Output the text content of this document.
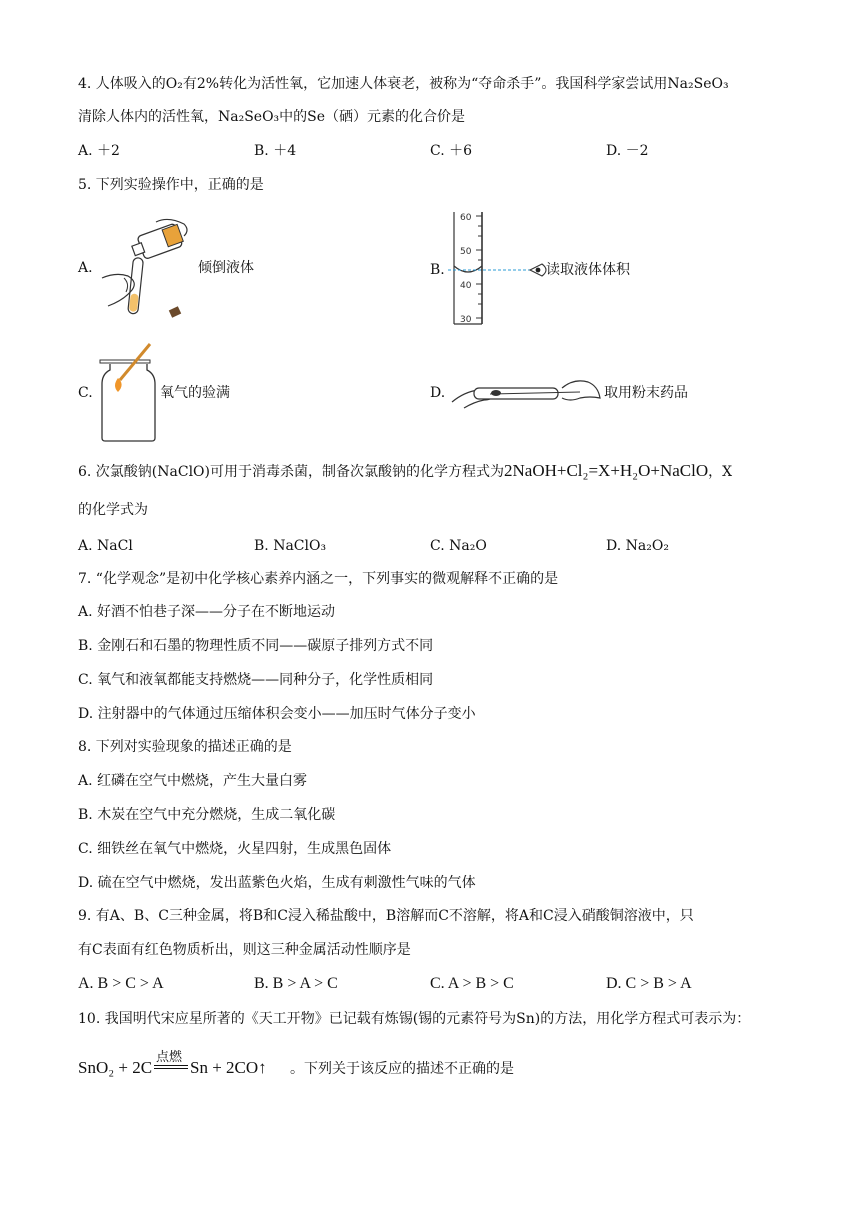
4. 人体吸入的O₂有2%转化为活性氧，它加速人体衰老，被称为“夺命杀手”。我国科学家尝试用Na₂SeO₃
清除人体内的活性氧，Na₂SeO₃中的Se（硒）元素的化合价是
A. ＋2	B. ＋4	C. ＋6	D. －2
5. 下列实验操作中，正确的是
A.	倾倒液体	B.
60
50
40
30
读取液体体积
C.	氧气的验满	D.	取用粉末药品
6. 次氯酸钠(NaClO)可用于消毒杀菌，制备次氯酸钠的化学方程式为2NaOH+Cl₂=X+H₂O+NaClO，X
的化学式为
A. NaCl	B. NaClO₃	C. Na₂O	D. Na₂O₂
7. “化学观念”是初中化学核心素养内涵之一，下列事实的微观解释不正确的是
A. 好酒不怕巷子深——分子在不断地运动
B. 金刚石和石墨的物理性质不同——碳原子排列方式不同
C. 氧气和液氧都能支持燃烧——同种分子，化学性质相同
D. 注射器中的气体通过压缩体积会变小——加压时气体分子变小
8. 下列对实验现象的描述正确的是
A. 红磷在空气中燃烧，产生大量白雾
B. 木炭在空气中充分燃烧，生成二氧化碳
C. 细铁丝在氧气中燃烧，火星四射，生成黑色固体
D. 硫在空气中燃烧，发出蓝紫色火焰，生成有刺激性气味的气体
9. 有A、B、C三种金属，将B和C浸入稀盐酸中，B溶解而C不溶解，将A和C浸入硝酸铜溶液中，只
有C表面有红色物质析出，则这三种金属活动性顺序是
A. B > C > A	B. B > A > C	C. A > B > C	D. C > B > A
10. 我国明代宋应星所著的《天工开物》已记载有炼锡(锡的元素符号为Sn)的方法，用化学方程式可表示为：
SnO₂ + 2C
点燃
Sn + 2CO↑ 。下列关于该反应的描述不正确的是
